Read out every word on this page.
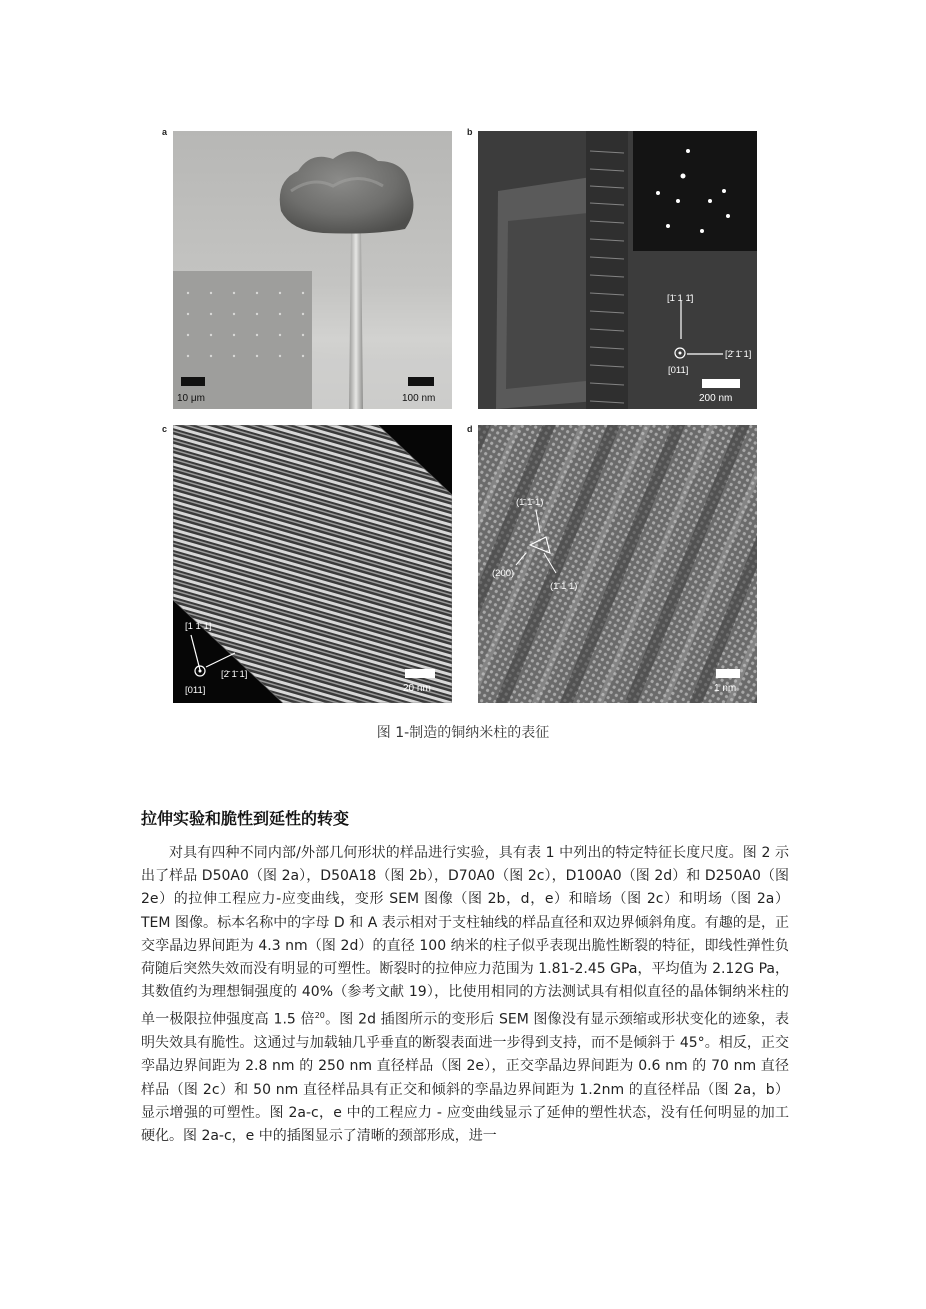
a
10 μm	100 nm
b
[1̄ 1 1̄]
[2̄ 1̄ 1]
[011]
200 nm
c
[1 1̄ 1]
[2̄ 1̄ 1]
[011]	20 nm
d
(1̄ 1̄ 1)
(200)
(1̄ 1 1)
1 nm
图 1-制造的铜纳米柱的表征
拉伸实验和脆性到延性的转变

对具有四种不同内部/外部几何形状的样品进行实验，具有表 1 中列出的特定特征长度尺度。图 2 示出了样品 D50A0（图 2a），D50A18（图 2b），D70A0（图 2c），D100A0（图 2d）和 D250A0（图 2e）的拉伸工程应力-应变曲线，变形 SEM 图像（图 2b，d，e）和暗场（图 2c）和明场（图 2a）TEM 图像。标本名称中的字母 D 和 A 表示相对于支柱轴线的样品直径和双边界倾斜角度。有趣的是，正交孪晶边界间距为 4.3 nm（图 2d）的直径 100 纳米的柱子似乎表现出脆性断裂的特征，即线性弹性负荷随后突然失效而没有明显的可塑性。断裂时的拉伸应力范围为 1.81-2.45 GPa，平均值为 2.12G Pa，其数值约为理想铜强度的 40%（参考文献 19），比使用相同的方法测试具有相似直径的晶体铜纳米柱的单一极限拉伸强度高 1.5 倍$^{20}$。图 2d 插图所示的变形后 SEM 图像没有显示颈缩或形状变化的迹象，表明失效具有脆性。这通过与加载轴几乎垂直的断裂表面进一步得到支持，而不是倾斜于 45°。相反，正交孪晶边界间距为 2.8 nm 的 250 nm 直径样品（图 2e），正交孪晶边界间距为 0.6 nm 的 70 nm 直径样品（图 2c）和 50 nm 直径样品具有正交和倾斜的孪晶边界间距为 1.2nm 的直径样品（图 2a，b）显示增强的可塑性。图 2a-c，e 中的工程应力 - 应变曲线显示了延伸的塑性状态，没有任何明显的加工硬化。图 2a-c，e 中的插图显示了清晰的颈部形成，进一
